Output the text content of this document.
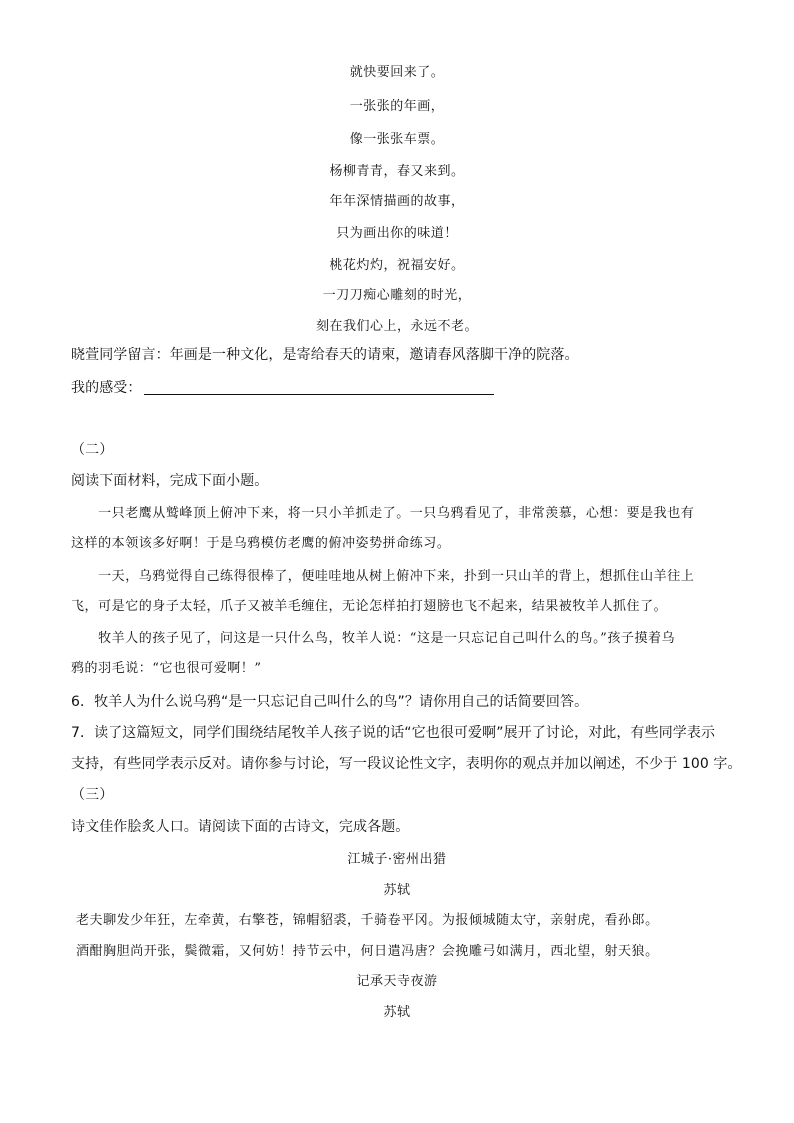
就快要回来了。
一张张的年画，
像一张张车票。
杨柳青青，春又来到。
年年深情描画的故事，
只为画出你的味道！
桃花灼灼，祝福安好。
一刀刀痴心雕刻的时光，
刻在我们心上，永远不老。
晓萱同学留言：年画是一种文化，是寄给春天的请柬，邀请春风落脚干净的院落。
我的感受：
（二）
阅读下面材料，完成下面小题。
　　一只老鹰从鹫峰顶上俯冲下来，将一只小羊抓走了。一只乌鸦看见了，非常羡慕，心想：要是我也有
这样的本领该多好啊！于是乌鸦模仿老鹰的俯冲姿势拼命练习。
　　一天，乌鸦觉得自己练得很棒了，便哇哇地从树上俯冲下来，扑到一只山羊的背上，想抓住山羊往上
飞，可是它的身子太轻，爪子又被羊毛缠住，无论怎样拍打翅膀也飞不起来，结果被牧羊人抓住了。
　　牧羊人的孩子见了，问这是一只什么鸟，牧羊人说：“这是一只忘记自己叫什么的鸟。”孩子摸着乌
鸦的羽毛说：“它也很可爱啊！”
6．牧羊人为什么说乌鸦“是一只忘记自己叫什么的鸟”？请你用自己的话简要回答。
7．读了这篇短文，同学们围绕结尾牧羊人孩子说的话“它也很可爱啊”展开了讨论，对此，有些同学表示
支持，有些同学表示反对。请你参与讨论，写一段议论性文字，表明你的观点并加以阐述，不少于 100 字。
（三）
诗文佳作脍炙人口。请阅读下面的古诗文，完成各题。
江城子·密州出猎
苏轼
老夫聊发少年狂，左牵黄，右擎苍，锦帽貂裘，千骑卷平冈。为报倾城随太守，亲射虎，看孙郎。
酒酣胸胆尚开张，鬓微霜，又何妨！持节云中，何日遣冯唐？会挽雕弓如满月，西北望，射天狼。
记承天寺夜游
苏轼
